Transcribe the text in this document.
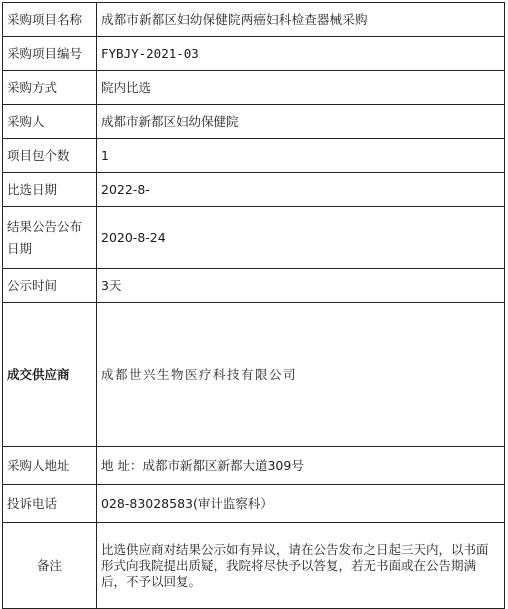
采购项目名称	成都市新都区妇幼保健院两癌妇科检查器械采购
采购项目编号	FYBJY-2021-03
采购方式	院内比选
采购人	成都市新都区妇幼保健院
项目包个数	1
比选日期	2022-8-

结果公告公布日期	2020-8-24
公示时间	3天
成交供应商	成都世兴生物医疗科技有限公司
采购人地址	地 址：成都市新都区新都大道309号
投诉电话	028-83028583(审计监察科）
备注	比选供应商对结果公示如有异议，请在公告发布之日起三天内，以书面形式向我院提出质疑，我院将尽快予以答复，若无书面或在公告期满后，不予以回复。
